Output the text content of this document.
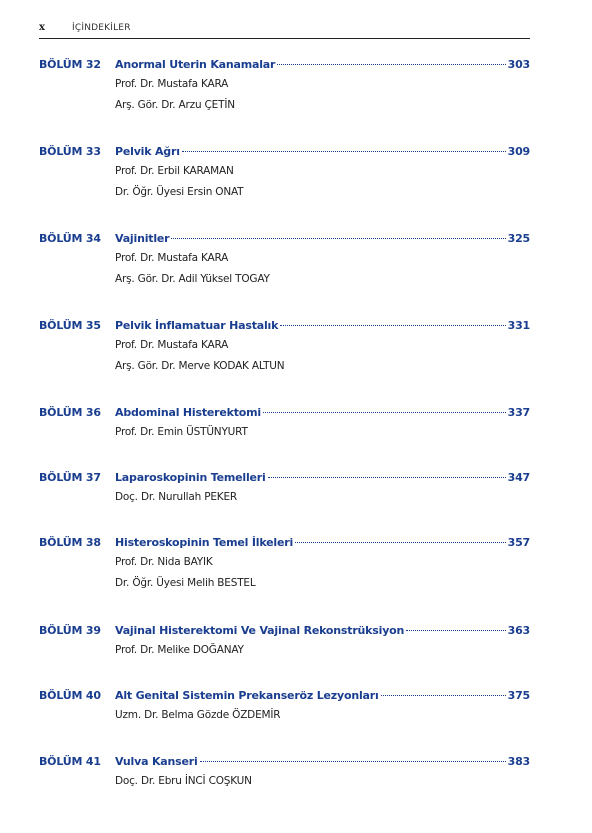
x	İÇİNDEKİLER
BÖLÜM 32	Anormal Uterin Kanamalar	303
Prof. Dr. Mustafa KARA
Arş. Gör. Dr. Arzu ÇETİN
BÖLÜM 33	Pelvik Ağrı	309
Prof. Dr. Erbil KARAMAN
Dr. Öğr. Üyesi Ersin ONAT
BÖLÜM 34	Vajinitler	325
Prof. Dr. Mustafa KARA
Arş. Gör. Dr. Adil Yüksel TOGAY
BÖLÜM 35	Pelvik İnflamatuar Hastalık	331
Prof. Dr. Mustafa KARA
Arş. Gör. Dr. Merve KODAK ALTUN
BÖLÜM 36	Abdominal Histerektomi	337
Prof. Dr. Emin ÜSTÜNYURT
BÖLÜM 37	Laparoskopinin Temelleri	347
Doç. Dr. Nurullah PEKER
BÖLÜM 38	Histeroskopinin Temel İlkeleri	357
Prof. Dr. Nida BAYIK
Dr. Öğr. Üyesi Melih BESTEL
BÖLÜM 39	Vajinal Histerektomi Ve Vajinal Rekonstrüksiyon	363
Prof. Dr. Melike DOĞANAY
BÖLÜM 40	Alt Genital Sistemin Prekanseröz Lezyonları	375
Uzm. Dr. Belma Gözde ÖZDEMİR
BÖLÜM 41	Vulva Kanseri	383
Doç. Dr. Ebru İNCİ COŞKUN
